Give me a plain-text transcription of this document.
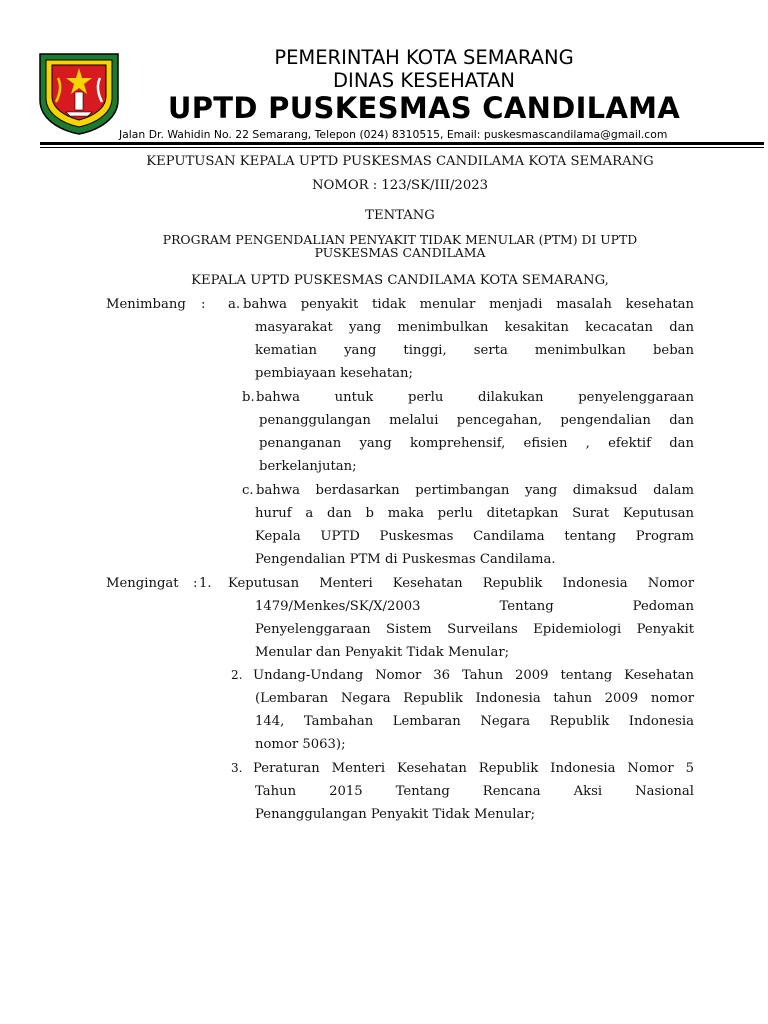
PEMERINTAH KOTA SEMARANG
DINAS KESEHATAN
UPTD PUSKESMAS CANDILAMA
Jalan Dr. Wahidin No. 22 Semarang, Telepon (024) 8310515, Email: puskesmascandilama@gmail.com
KEPUTUSAN KEPALA UPTD PUSKESMAS CANDILAMA KOTA SEMARANG
NOMOR : 123/SK/III/2023
TENTANG
PROGRAM PENGENDALIAN PENYAKIT TIDAK MENULAR (PTM) DI UPTD
PUSKESMAS CANDILAMA
KEPALA UPTD PUSKESMAS CANDILAMA KOTA SEMARANG,
Menimbang : a. bahwa penyakit tidak menular menjadi masalah kesehatan
masyarakat yang menimbulkan kesakitan kecacatan dan
kematian yang tinggi, serta menimbulkan beban
pembiayaan kesehatan;
b. bahwa untuk perlu dilakukan penyelenggaraan
penanggulangan melalui pencegahan, pengendalian dan
penanganan yang komprehensif, efisien , efektif dan
berkelanjutan;
c. bahwa berdasarkan pertimbangan yang dimaksud dalam
huruf a dan b maka perlu ditetapkan Surat Keputusan
Kepala UPTD Puskesmas Candilama tentang Program
Pengendalian PTM di Puskesmas Candilama.
Mengingat : 1. Keputusan Menteri Kesehatan Republik Indonesia Nomor
1479/Menkes/SK/X/2003 Tentang Pedoman
Penyelenggaraan Sistem Surveilans Epidemiologi Penyakit
Menular dan Penyakit Tidak Menular;
2. Undang-Undang Nomor 36 Tahun 2009 tentang Kesehatan
(Lembaran Negara Republik Indonesia tahun 2009 nomor
144, Tambahan Lembaran Negara Republik Indonesia
nomor 5063);
3. Peraturan Menteri Kesehatan Republik Indonesia Nomor 5
Tahun 2015 Tentang Rencana Aksi Nasional
Penanggulangan Penyakit Tidak Menular;
